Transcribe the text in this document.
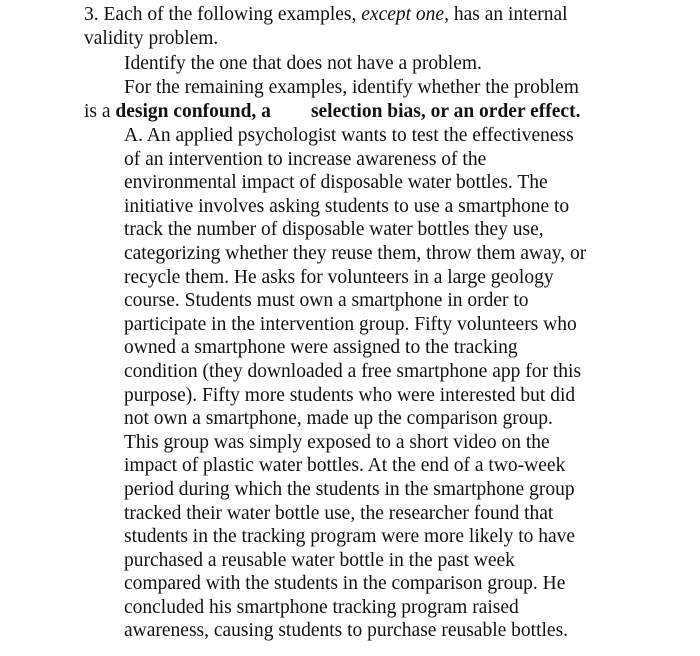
3. Each of the following examples, except one, has an internal
validity problem.
Identify the one that does not have a problem.
For the remaining examples, identify whether the problem
is a design confound, a selection bias, or an order effect.
A. An applied psychologist wants to test the effectiveness
of an intervention to increase awareness of the
environmental impact of disposable water bottles. The
initiative involves asking students to use a smartphone to
track the number of disposable water bottles they use,
categorizing whether they reuse them, throw them away, or
recycle them. He asks for volunteers in a large geology
course. Students must own a smartphone in order to
participate in the intervention group. Fifty volunteers who
owned a smartphone were assigned to the tracking
condition (they downloaded a free smartphone app for this
purpose). Fifty more students who were interested but did
not own a smartphone, made up the comparison group.
This group was simply exposed to a short video on the
impact of plastic water bottles. At the end of a two-week
period during which the students in the smartphone group
tracked their water bottle use, the researcher found that
students in the tracking program were more likely to have
purchased a reusable water bottle in the past week
compared with the students in the comparison group. He
concluded his smartphone tracking program raised
awareness, causing students to purchase reusable bottles.
